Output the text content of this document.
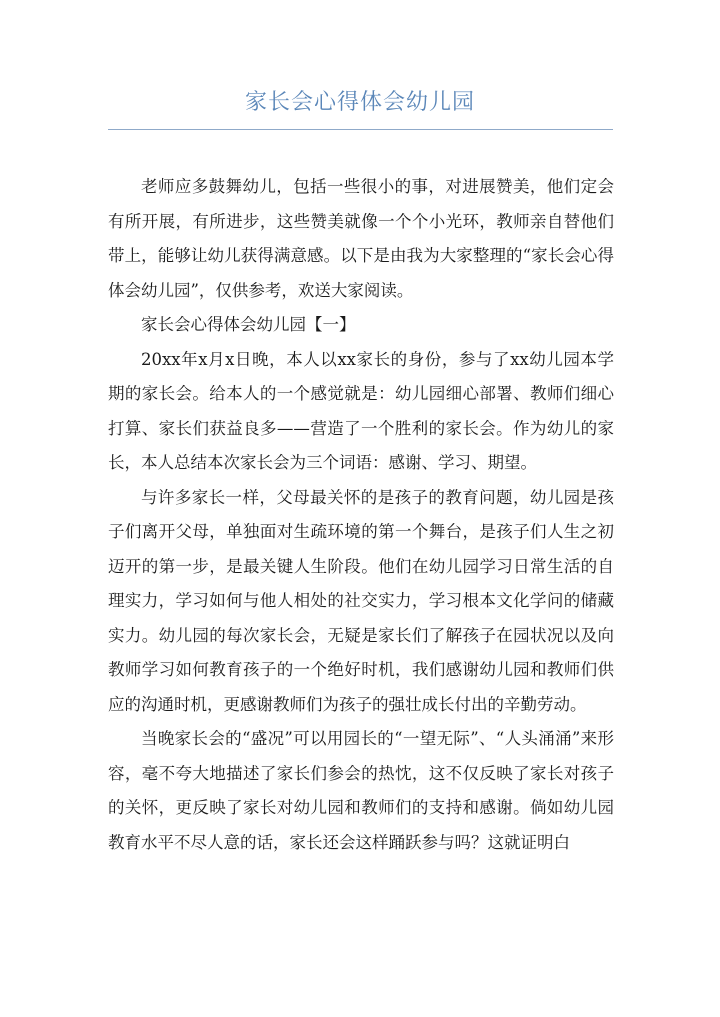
家长会心得体会幼儿园

老师应多鼓舞幼儿，包括一些很小的事，对进展赞美，他们定会有所开展，有所进步，这些赞美就像一个个小光环，教师亲自替他们带上，能够让幼儿获得满意感。以下是由我为大家整理的“家长会心得体会幼儿园”，仅供参考，欢送大家阅读。

家长会心得体会幼儿园【一】

20xx年x月x日晚，本人以xx家长的身份，参与了xx幼儿园本学期的家长会。给本人的一个感觉就是：幼儿园细心部署、教师们细心打算、家长们获益良多——营造了一个胜利的家长会。作为幼儿的家长，本人总结本次家长会为三个词语：感谢、学习、期望。

与许多家长一样，父母最关怀的是孩子的教育问题，幼儿园是孩子们离开父母，单独面对生疏环境的第一个舞台，是孩子们人生之初迈开的第一步，是最关键人生阶段。他们在幼儿园学习日常生活的自理实力，学习如何与他人相处的社交实力，学习根本文化学问的储藏实力。幼儿园的每次家长会，无疑是家长们了解孩子在园状况以及向教师学习如何教育孩子的一个绝好时机，我们感谢幼儿园和教师们供应的沟通时机，更感谢教师们为孩子的强壮成长付出的辛勤劳动。

当晚家长会的“盛况”可以用园长的“一望无际”、“人头涌涌”来形容，毫不夸大地描述了家长们参会的热忱，这不仅反映了家长对孩子的关怀，更反映了家长对幼儿园和教师们的支持和感谢。倘如幼儿园教育水平不尽人意的话，家长还会这样踊跃参与吗？这就证明白
